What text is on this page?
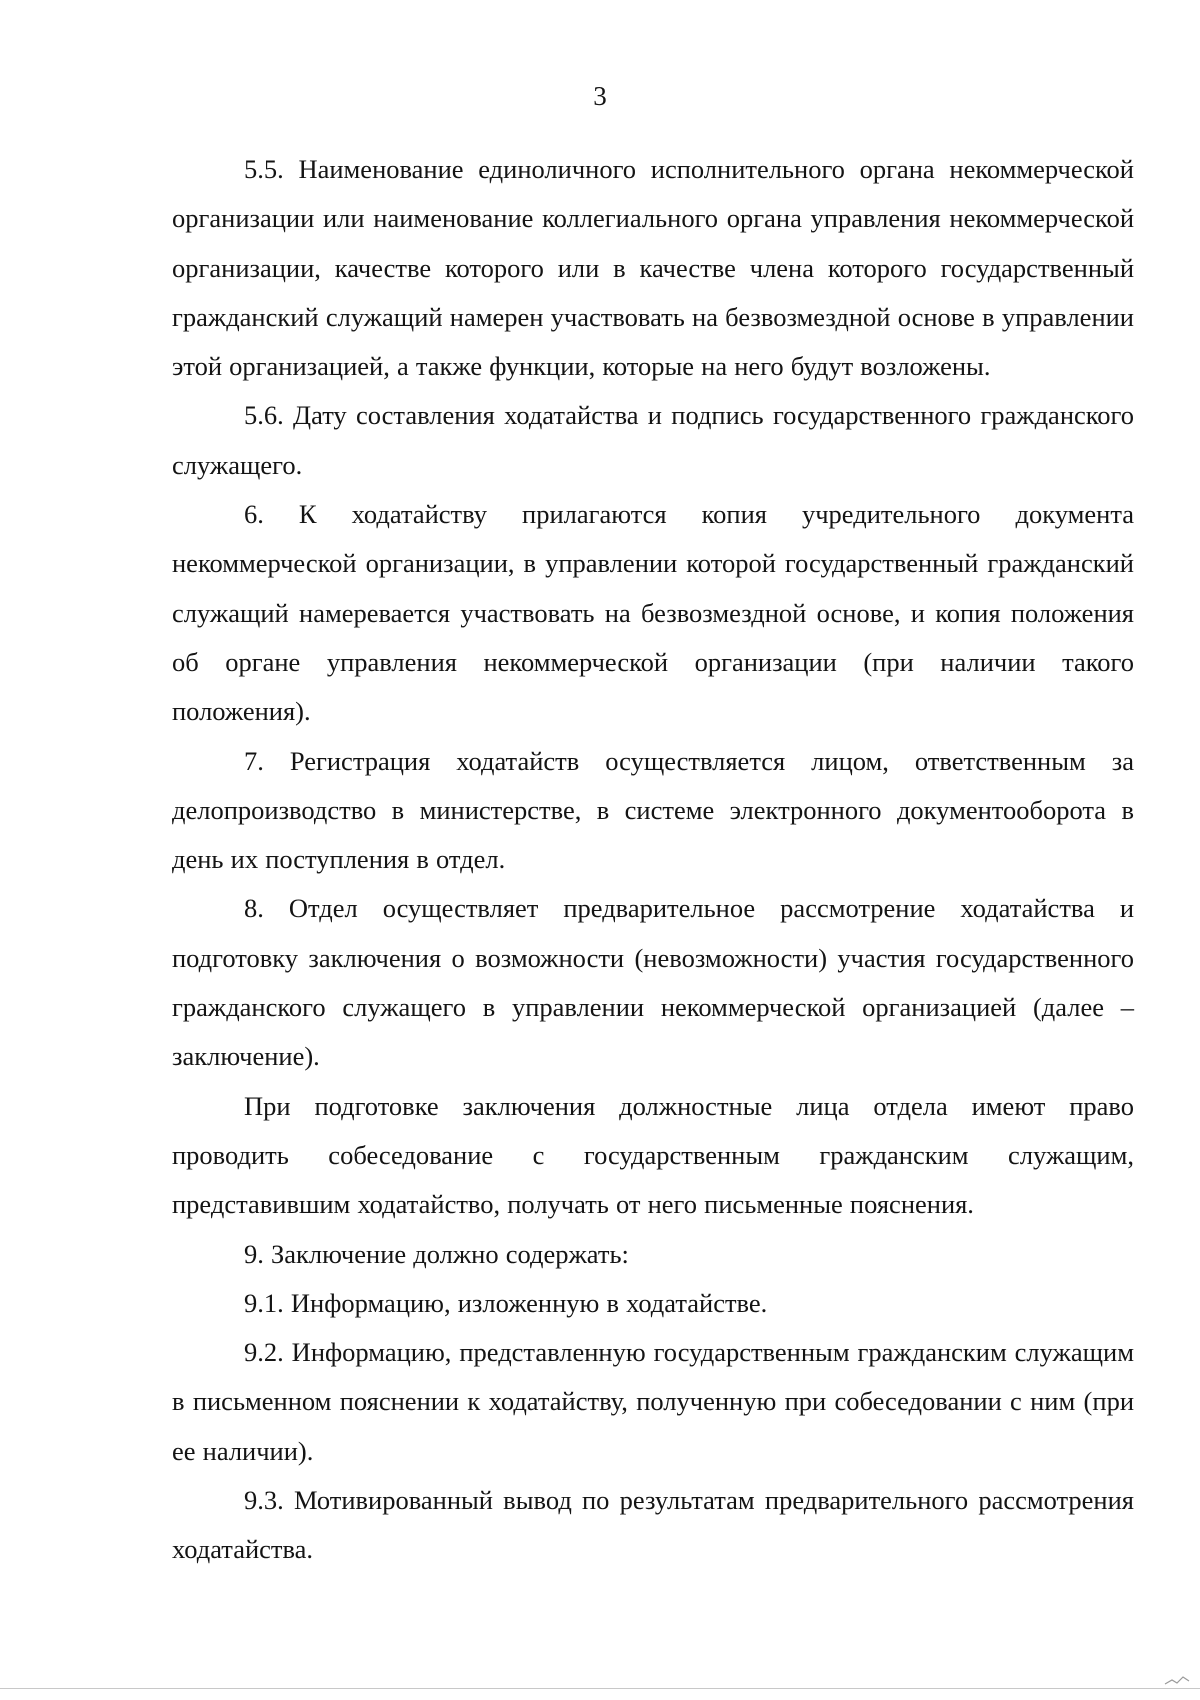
3

5.5. Наименование единоличного исполнительного органа некоммерческой организации или наименование коллегиального органа управления некоммерческой организации, качестве которого или в качестве члена которого государственный гражданский служащий намерен участвовать на безвозмездной основе в управлении этой организацией, а также функции, которые на него будут возложены.

5.6. Дату составления ходатайства и подпись государственного гражданского служащего.

6. К ходатайству прилагаются копия учредительного документа некоммерческой организации, в управлении которой государственный гражданский служащий намеревается участвовать на безвозмездной основе, и копия положения об органе управления некоммерческой организации (при наличии такого положения).

7. Регистрация ходатайств осуществляется лицом, ответственным за делопроизводство в министерстве, в системе электронного документооборота в день их поступления в отдел.

8. Отдел осуществляет предварительное рассмотрение ходатайства и подготовку заключения о возможности (невозможности) участия государственного гражданского служащего в управлении некоммерческой организацией (далее – заключение).

При подготовке заключения должностные лица отдела имеют право проводить собеседование с государственным гражданским служащим, представившим ходатайство, получать от него письменные пояснения.

9. Заключение должно содержать:

9.1. Информацию, изложенную в ходатайстве.

9.2. Информацию, представленную государственным гражданским служащим в письменном пояснении к ходатайству, полученную при собеседовании с ним (при ее наличии).

9.3. Мотивированный вывод по результатам предварительного рассмотрения ходатайства.
